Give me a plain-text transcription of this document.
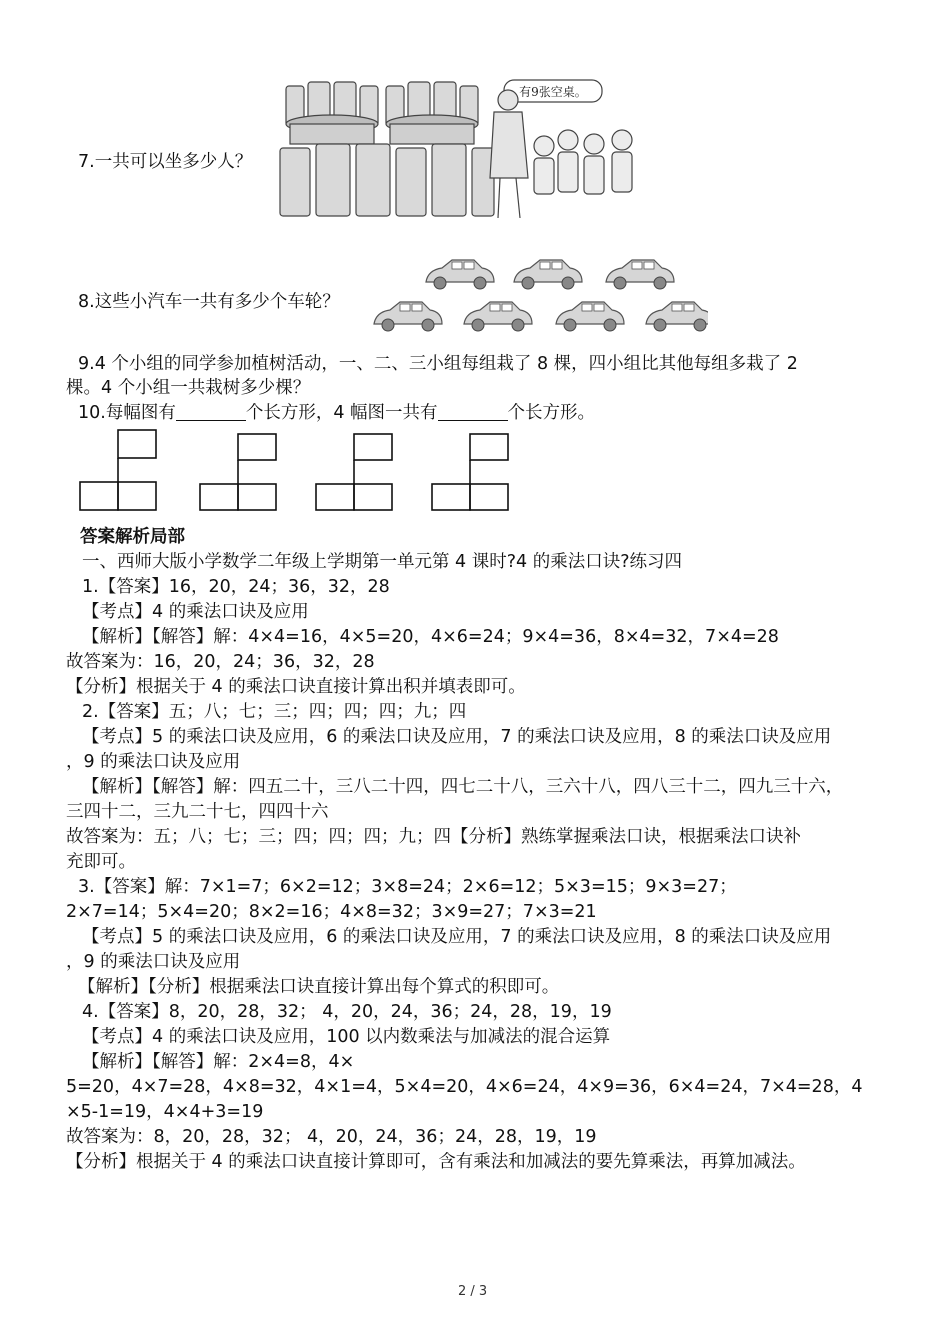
7.一共可以坐多少人？
有9张空桌。
8.这些小汽车一共有多少个车轮？
9.4 个小组的同学参加植树活动，一、二、三小组每组栽了 8 棵，四小组比其他每组多栽了 2
棵。4 个小组一共栽树多少棵？
10.每幅图有	个长方形，4 幅图一共有	个长方形。
答案解析局部
一、西师大版小学数学二年级上学期第一单元第 4 课时?4 的乘法口诀?练习四
1.【答案】16，20，24；36，32，28
【考点】4 的乘法口诀及应用
【解析】【解答】解：4×4=16，4×5=20，4×6=24；9×4=36，8×4=32，7×4=28
故答案为：16，20，24；36，32，28
【分析】根据关于 4 的乘法口诀直接计算出积并填表即可。
2.【答案】五；八；七；三；四；四；四；九；四
【考点】5 的乘法口诀及应用，6 的乘法口诀及应用，7 的乘法口诀及应用，8 的乘法口诀及应用
，9 的乘法口诀及应用
【解析】【解答】解：四五二十，三八二十四，四七二十八，三六十八，四八三十二，四九三十六，
三四十二，三九二十七，四四十六
故答案为：五；八；七；三；四；四；四；九；四【分析】熟练掌握乘法口诀，根据乘法口诀补
充即可。
3.【答案】解：7×1=7；6×2=12；3×8=24；2×6=12；5×3=15；9×3=27；
2×7=14；5×4=20；8×2=16；4×8=32；3×9=27；7×3=21
【考点】5 的乘法口诀及应用，6 的乘法口诀及应用，7 的乘法口诀及应用，8 的乘法口诀及应用
，9 的乘法口诀及应用
【解析】【分析】根据乘法口诀直接计算出每个算式的积即可。
4.【答案】8，20，28，32； 4，20，24，36；24，28，19，19
【考点】4 的乘法口诀及应用，100 以内数乘法与加减法的混合运算
【解析】【解答】解：2×4=8，4×
5=20，4×7=28，4×8=32，4×1=4，5×4=20，4×6=24，4×9=36，6×4=24，7×4=28，4
×5-1=19，4×4+3=19
故答案为：8，20，28，32； 4，20，24，36；24，28，19，19
【分析】根据关于 4 的乘法口诀直接计算即可，含有乘法和加减法的要先算乘法，再算加减法。
2 / 3
